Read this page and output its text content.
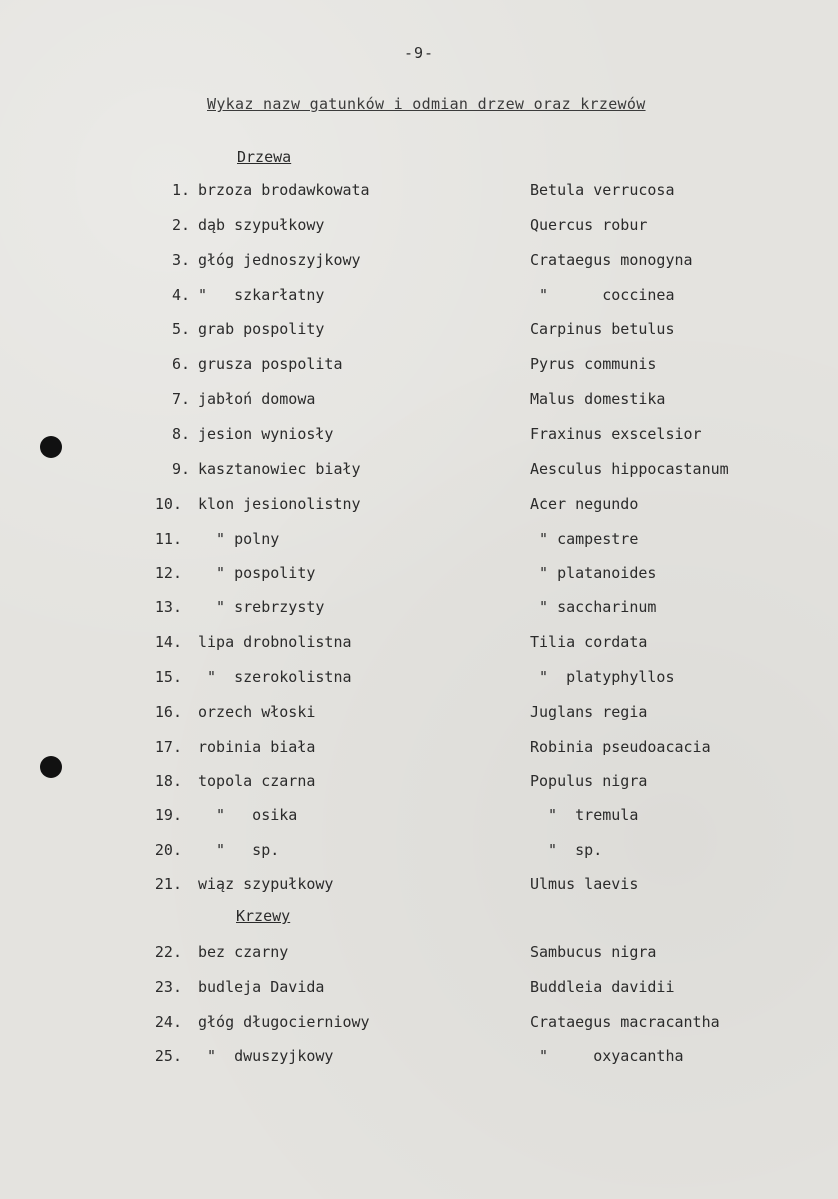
-9-
Wykaz nazw gatunków i odmian drzew oraz krzewów
Drzewa
Krzewy
1. brzoza brodawkowata	Betula verrucosa
2. dąb szypułkowy	Quercus robur
3. głóg jednoszyjkowy	Crataegus monogyna
4. "   szkarłatny	"      coccinea
5. grab pospolity	Carpinus betulus
6. grusza pospolita	Pyrus communis
7. jabłoń domowa	Malus domestika
8. jesion wyniosły	Fraxinus exscelsior
9. kasztanowiec biały	Aesculus hippocastanum
10. klon jesionolistny	Acer negundo
11. " polny	" campestre
12. " pospolity	" platanoides
13. " srebrzysty	" saccharinum
14. lipa drobnolistna	Tilia cordata
15. "  szerokolistna	"  platyphyllos
16. orzech włoski	Juglans regia
17. robinia biała	Robinia pseudoacacia
18. topola czarna	Populus nigra
19. "   osika	"  tremula
20. "   sp.	"  sp.
21. wiąz szypułkowy	Ulmus laevis
22. bez czarny	Sambucus nigra
23. budleja Davida	Buddleia davidii
24. głóg długocierniowy	Crataegus macracantha
25. "  dwuszyjkowy	"     oxyacantha
